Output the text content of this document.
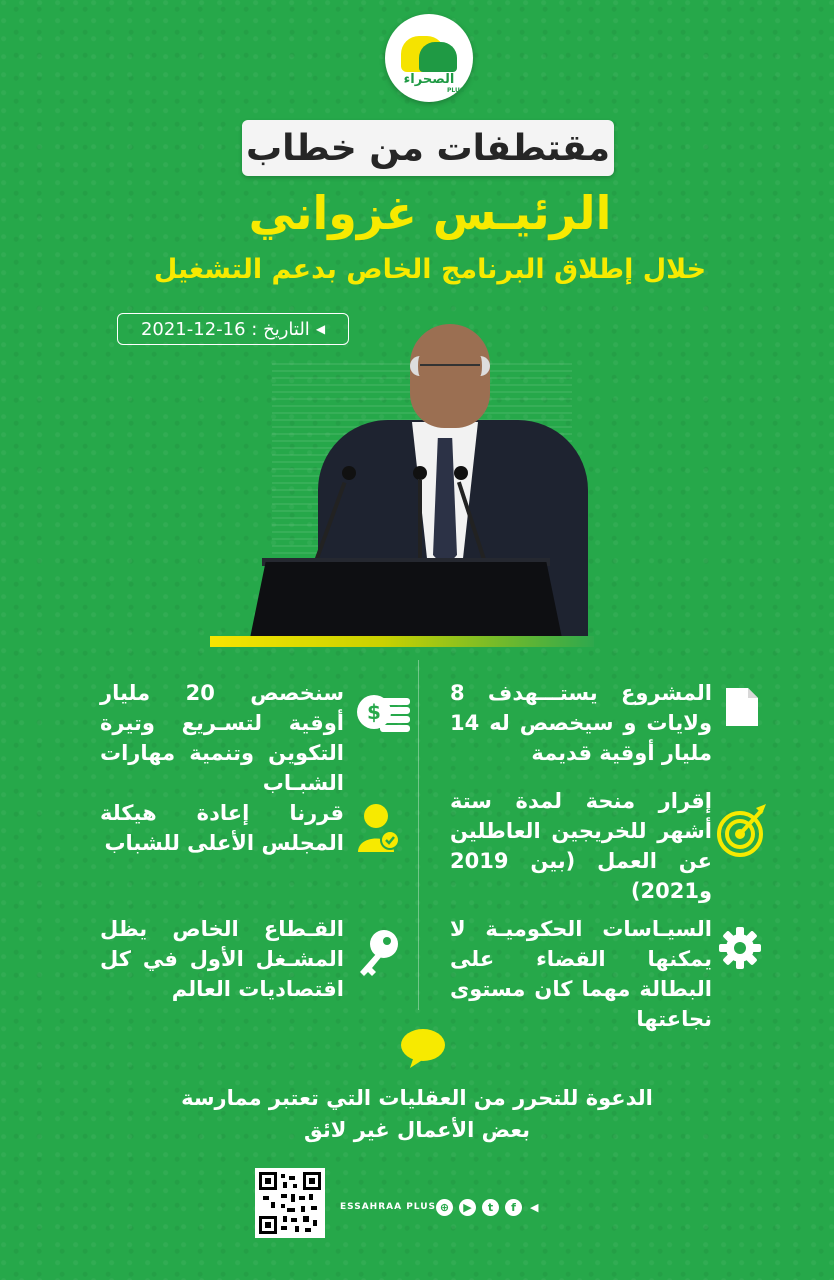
الصحراء
PLUS
مقتطفات من خطاب
الرئيـس غزواني
خلال إطلاق البرنامج الخاص بدعم التشغيل
◀
التاريخ : 16-12-2021
المشروع يستـــهدف 8 ولايات و سيخصص له 14 مليار أوقية قديمة
إقرار منحة لمدة ستة أشهر للخريجين العاطلين عن العمل (بين 2019 و2021)
السيـاسات الحكوميـة لا يمكنها القضاء على البطالة مهما كان مستوى نجاعتها
$
سنخصص 20 مليار أوقية لتسـريع وتيرة التكوين وتنمية مهارات الشبـاب
قررنا إعادة هيكلة المجلس الأعلى للشباب
القـطاع الخاص يظل المشـغل الأول في كل اقتصاديات العالم
الدعوة للتحرر من العقليات التي تعتبر ممارسة
بعض الأعمال غير لائق
ESSAHRAA PLUS ⊕	▶	t	f	◀
